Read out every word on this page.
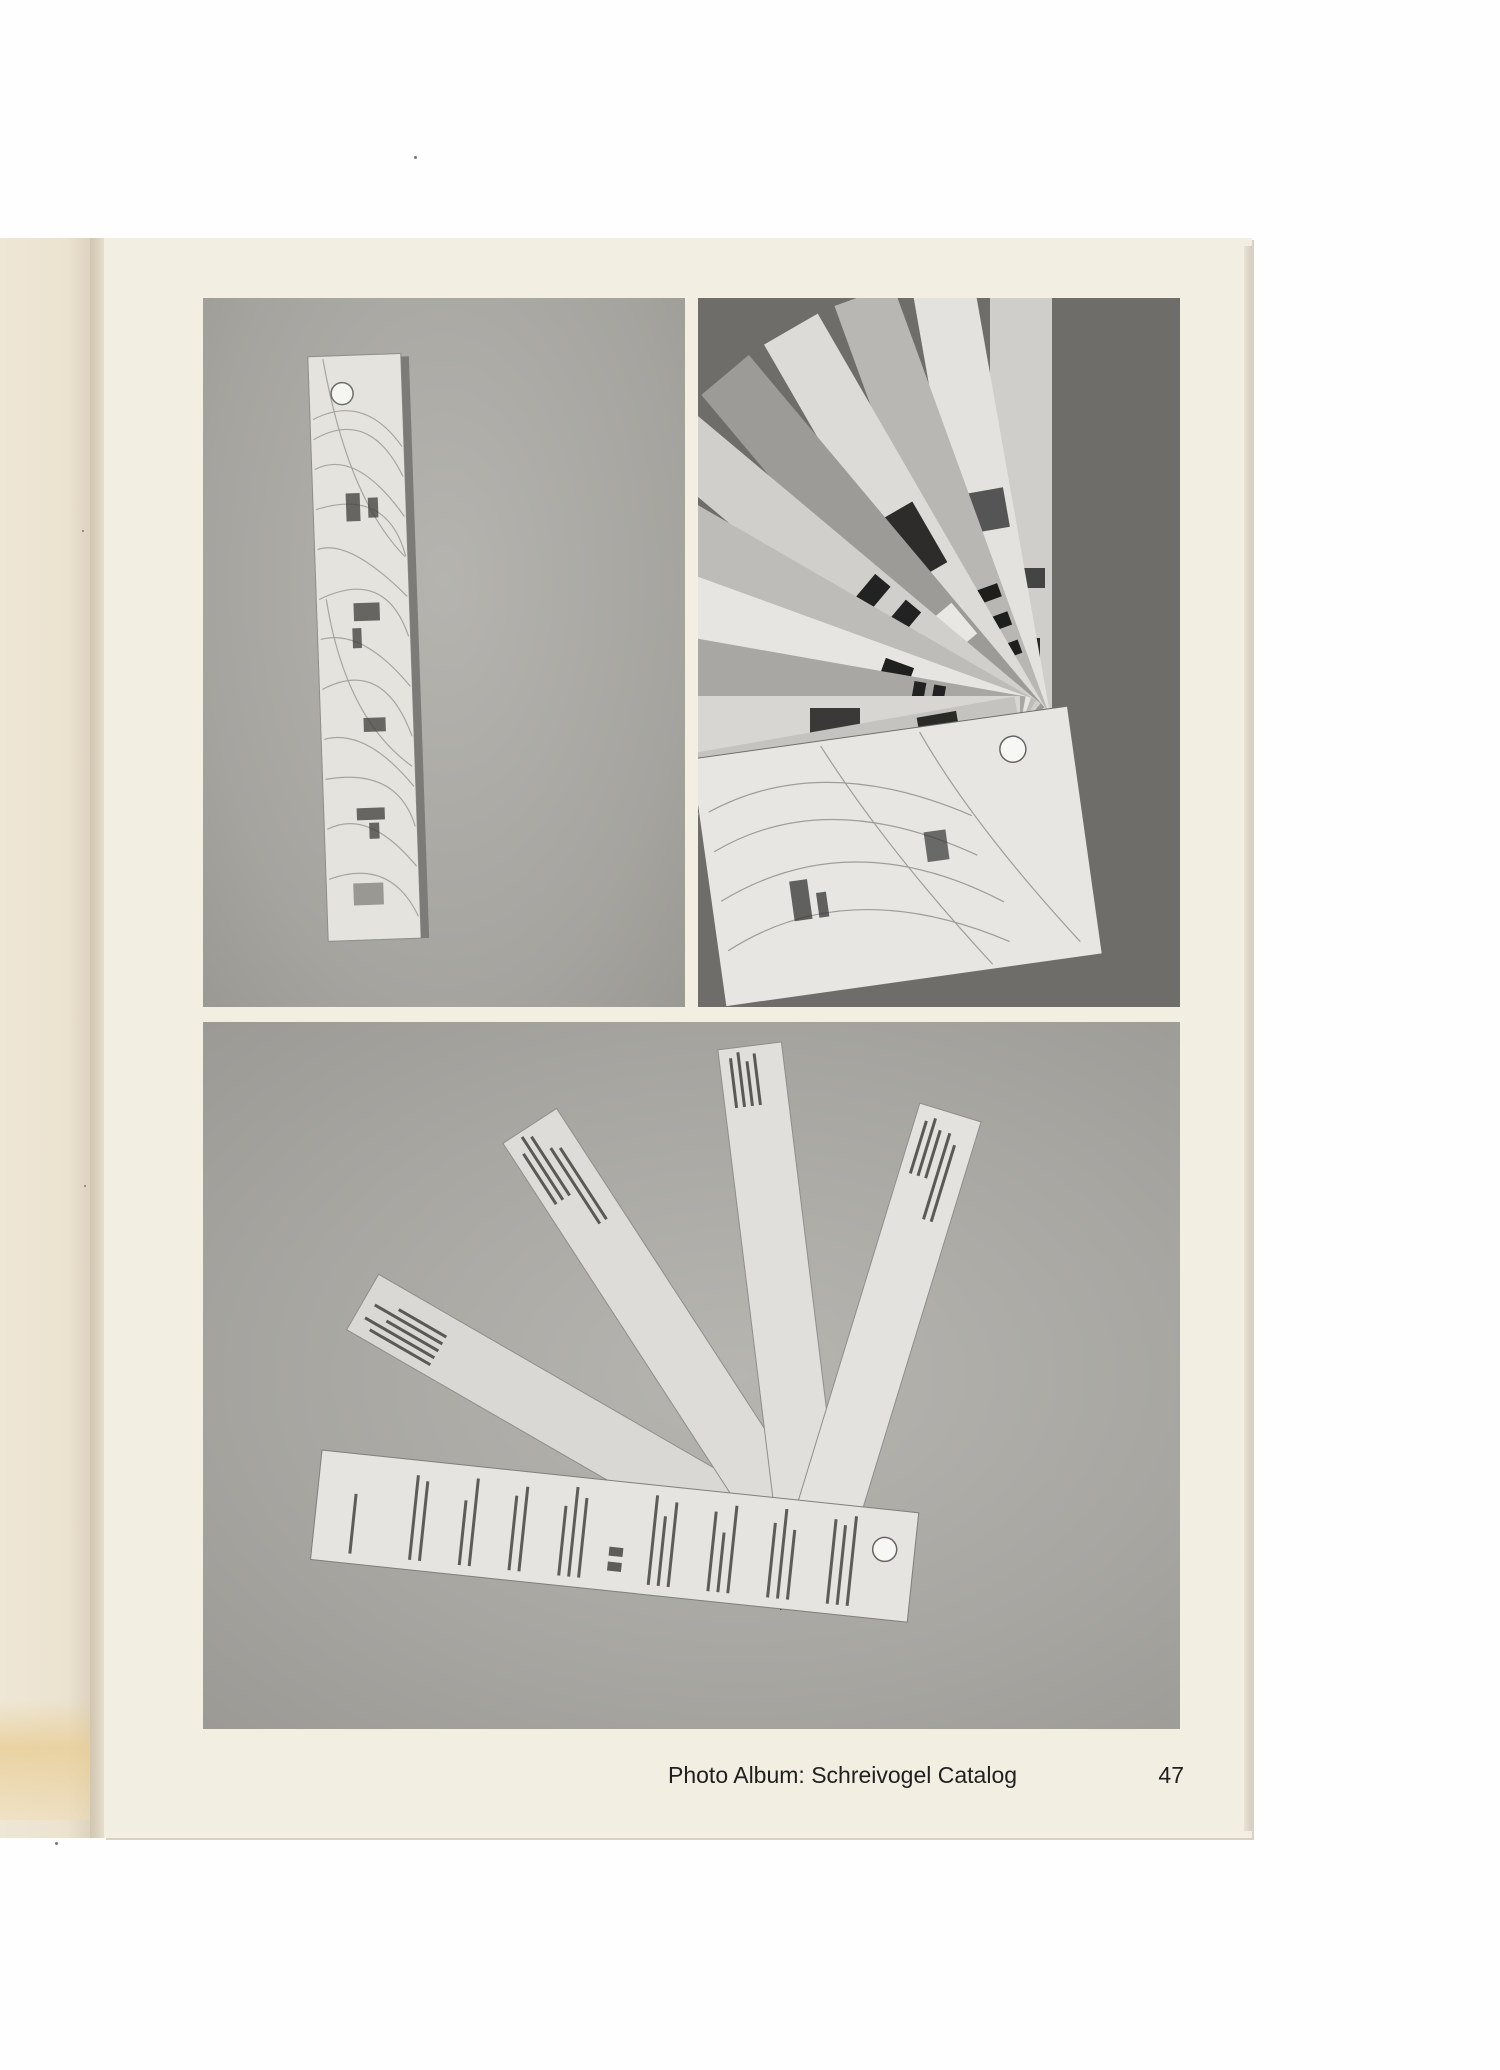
Photo Album: Schreivogel Catalog	47
